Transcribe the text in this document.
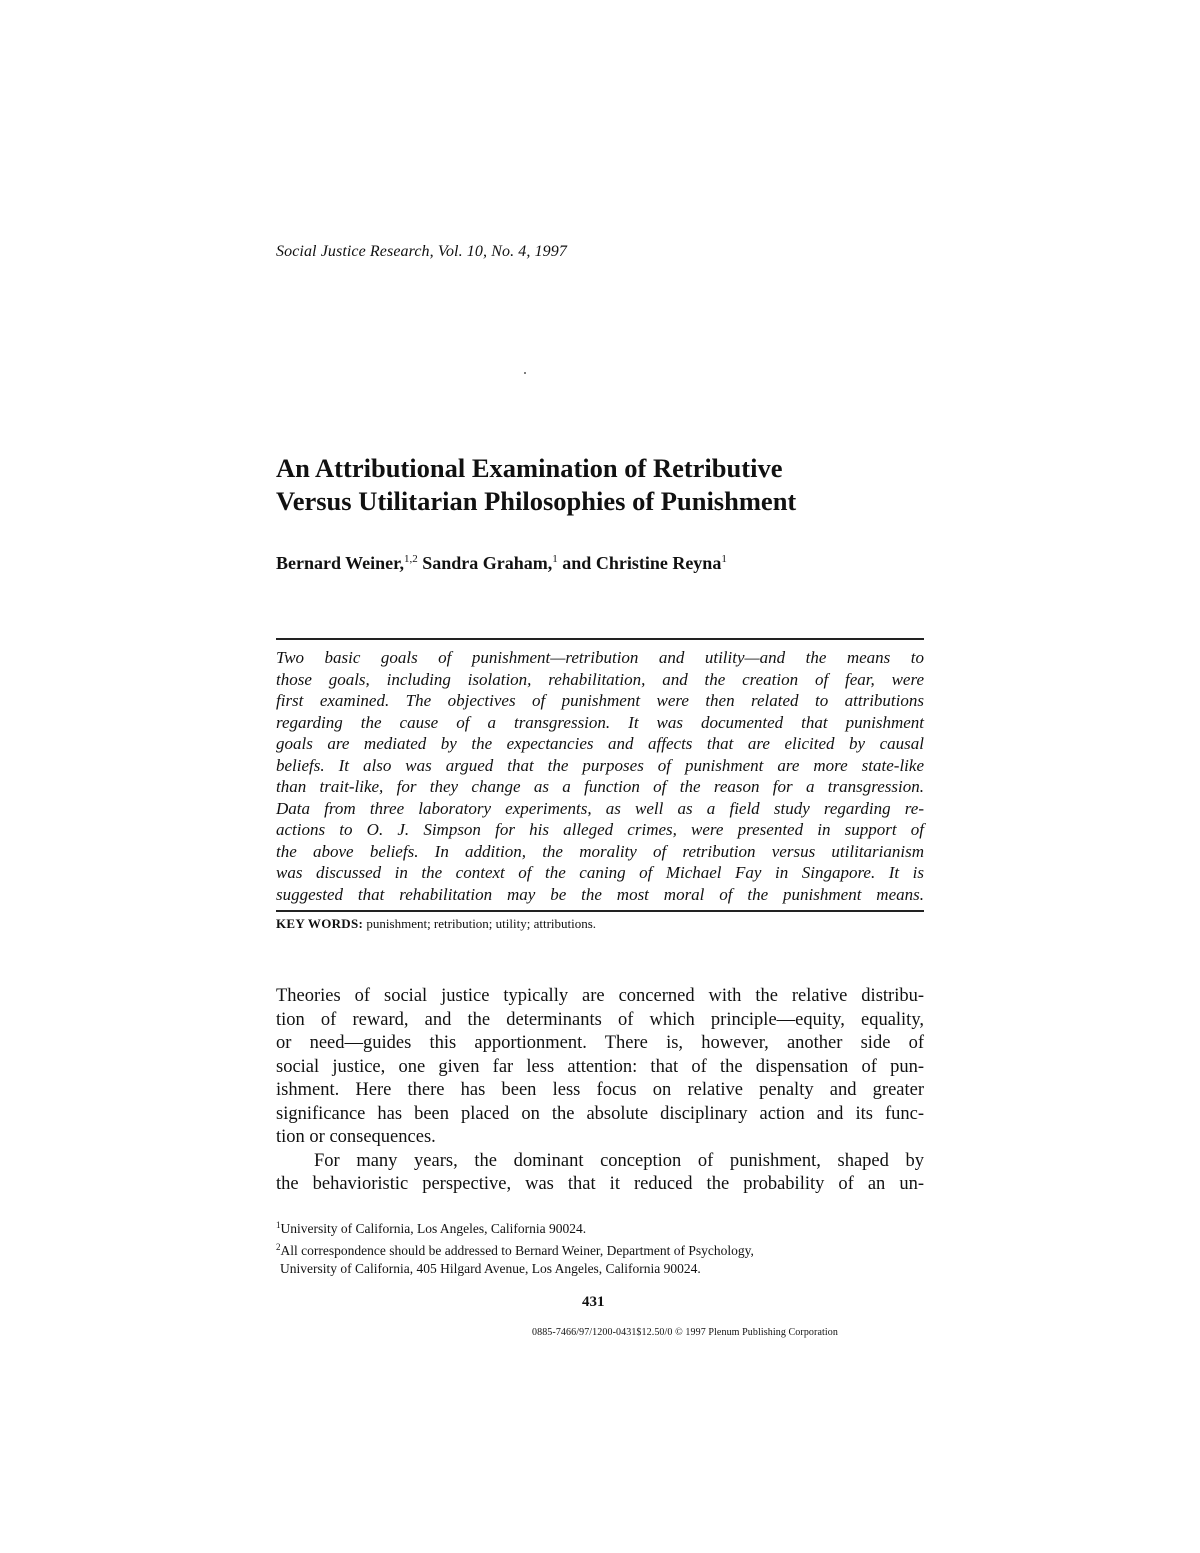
Social Justice Research, Vol. 10, No. 4, 1997
An Attributional Examination of Retributive
Versus Utilitarian Philosophies of Punishment
Bernard Weiner,$^{1,2}$ Sandra Graham,$^1$ and Christine Reyna$^1$
Two basic goals of punishment—retribution and utility—and the means to
those goals, including isolation, rehabilitation, and the creation of fear, were
first examined. The objectives of punishment were then related to attributions
regarding the cause of a transgression. It was documented that punishment
goals are mediated by the expectancies and affects that are elicited by causal
beliefs. It also was argued that the purposes of punishment are more state-like
than trait-like, for they change as a function of the reason for a transgression.
Data from three laboratory experiments, as well as a field study regarding re-
actions to O. J. Simpson for his alleged crimes, were presented in support of
the above beliefs. In addition, the morality of retribution versus utilitarianism
was discussed in the context of the caning of Michael Fay in Singapore. It is
suggested that rehabilitation may be the most moral of the punishment means.
KEY WORDS: punishment; retribution; utility; attributions.
Theories of social justice typically are concerned with the relative distribu-
tion of reward, and the determinants of which principle—equity, equality,
or need—guides this apportionment. There is, however, another side of
social justice, one given far less attention: that of the dispensation of pun-
ishment. Here there has been less focus on relative penalty and greater
significance has been placed on the absolute disciplinary action and its func-
tion or consequences.
For many years, the dominant conception of punishment, shaped by
the behavioristic perspective, was that it reduced the probability of an un-
$^1$University of California, Los Angeles, California 90024.
$^2$All correspondence should be addressed to Bernard Weiner, Department of Psychology,
University of California, 405 Hilgard Avenue, Los Angeles, California 90024.
431
0885-7466/97/1200-0431$12.50/0 © 1997 Plenum Publishing Corporation
